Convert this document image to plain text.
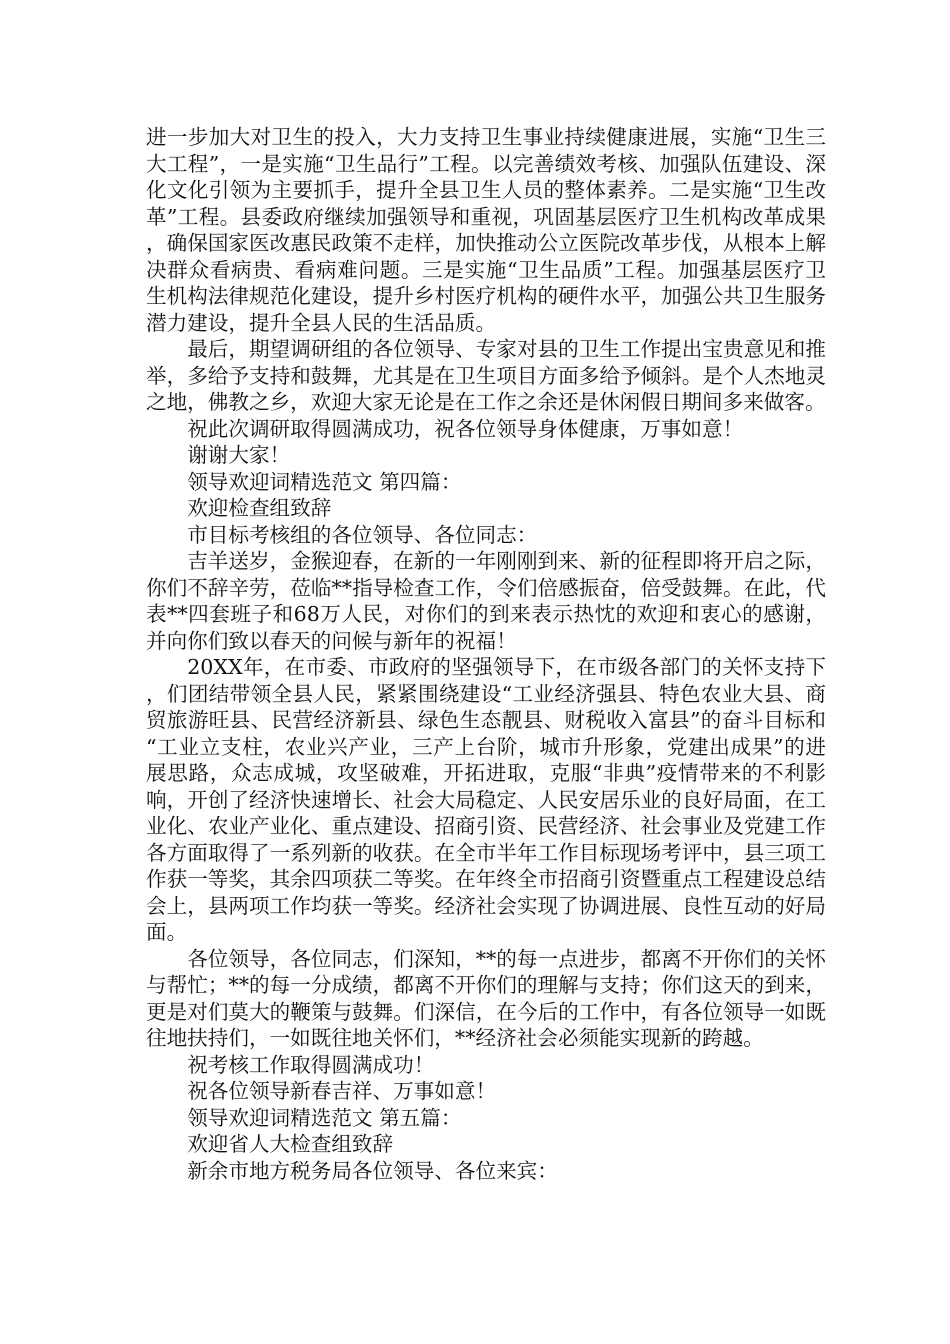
进一步加大对卫生的投入，大力支持卫生事业持续健康进展，实施“卫生三大工程”，一是实施“卫生品行”工程。以完善绩效考核、加强队伍建设、深化文化引领为主要抓手，提升全县卫生人员的整体素养。二是实施“卫生改革”工程。县委政府继续加强领导和重视，巩固基层医疗卫生机构改革成果，确保国家医改惠民政策不走样，加快推动公立医院改革步伐，从根本上解决群众看病贵、看病难问题。三是实施“卫生品质”工程。加强基层医疗卫生机构法律规范化建设，提升乡村医疗机构的硬件水平，加强公共卫生服务潜力建设，提升全县人民的生活品质。

最后，期望调研组的各位领导、专家对县的卫生工作提出宝贵意见和推举，多给予支持和鼓舞，尤其是在卫生项目方面多给予倾斜。是个人杰地灵之地，佛教之乡，欢迎大家无论是在工作之余还是休闲假日期间多来做客。

祝此次调研取得圆满成功，祝各位领导身体健康，万事如意！

谢谢大家！

领导欢迎词精选范文 第四篇：

欢迎检查组致辞

市目标考核组的各位领导、各位同志：

吉羊送岁，金猴迎春，在新的一年刚刚到来、新的征程即将开启之际，你们不辞辛劳，莅临**指导检查工作，令们倍感振奋，倍受鼓舞。在此，代表**四套班子和68万人民，对你们的到来表示热忱的欢迎和衷心的感谢，并向你们致以春天的问候与新年的祝福！

20XX年，在市委、市政府的坚强领导下，在市级各部门的关怀支持下，们团结带领全县人民，紧紧围绕建设“工业经济强县、特色农业大县、商贸旅游旺县、民营经济新县、绿色生态靓县、财税收入富县”的奋斗目标和“工业立支柱，农业兴产业，三产上台阶，城市升形象，党建出成果”的进展思路，众志成城，攻坚破难，开拓进取，克服“非典”疫情带来的不利影响，开创了经济快速增长、社会大局稳定、人民安居乐业的良好局面，在工业化、农业产业化、重点建设、招商引资、民营经济、社会事业及党建工作各方面取得了一系列新的收获。在全市半年工作目标现场考评中，县三项工作获一等奖，其余四项获二等奖。在年终全市招商引资暨重点工程建设总结会上，县两项工作均获一等奖。经济社会实现了协调进展、良性互动的好局面。

各位领导，各位同志，们深知，**的每一点进步，都离不开你们的关怀与帮忙；**的每一分成绩，都离不开你们的理解与支持；你们这天的到来，更是对们莫大的鞭策与鼓舞。们深信，在今后的工作中，有各位领导一如既往地扶持们，一如既往地关怀们，**经济社会必须能实现新的跨越。

祝考核工作取得圆满成功！

祝各位领导新春吉祥、万事如意！

领导欢迎词精选范文 第五篇：

欢迎省人大检查组致辞

新余市地方税务局各位领导、各位来宾：
